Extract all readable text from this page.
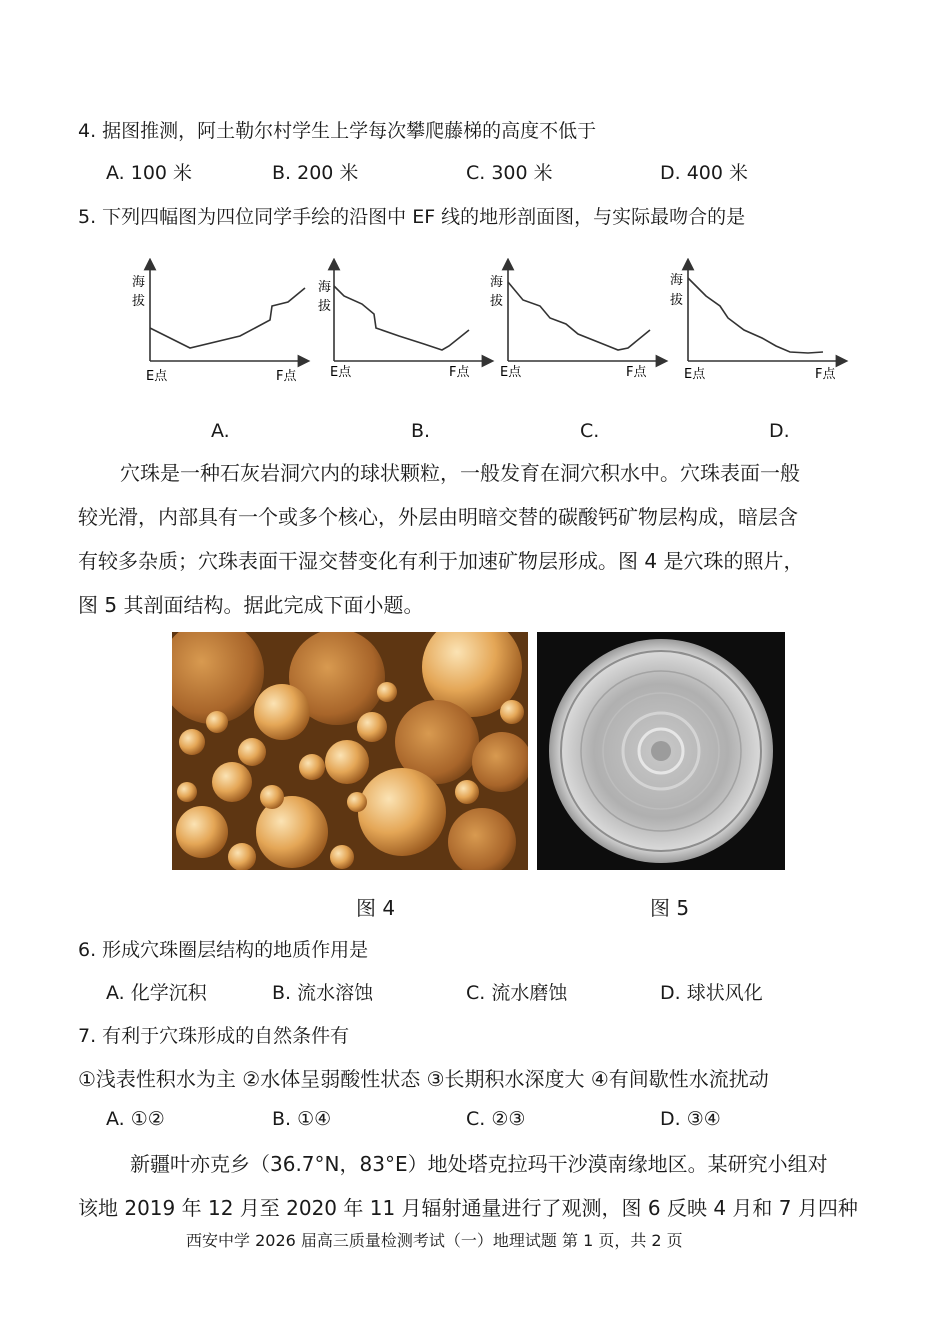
4. 据图推测，阿土勒尔村学生上学每次攀爬藤梯的高度不低于
A. 100 米	B. 200 米	C. 300 米	D. 400 米
5. 下列四幅图为四位同学手绘的沿图中 EF 线的地形剖面图，与实际最吻合的是
海
拔
E点	F点
海
拔
E点	F点
海
拔
E点	F点
海
拔
E点	F点
A.	B.	C.	D.

穴珠是一种石灰岩洞穴内的球状颗粒，一般发育在洞穴积水中。穴珠表面一般

较光滑，内部具有一个或多个核心，外层由明暗交替的碳酸钙矿物层构成，暗层含

有较多杂质；穴珠表面干湿交替变化有利于加速矿物层形成。图 4 是穴珠的照片，

图 5 其剖面结构。据此完成下面小题。

图 4	图 5
6. 形成穴珠圈层结构的地质作用是
A. 化学沉积	B. 流水溶蚀	C. 流水磨蚀	D. 球状风化
7. 有利于穴珠形成的自然条件有
①浅表性积水为主 ②水体呈弱酸性状态 ③长期积水深度大 ④有间歇性水流扰动
A. ①②	B. ①④	C. ②③	D. ③④

新疆叶亦克乡（36.7°N，83°E）地处塔克拉玛干沙漠南缘地区。某研究小组对

该地 2019 年 12 月至 2020 年 11 月辐射通量进行了观测，图 6 反映 4 月和 7 月四种

西安中学 2026 届高三质量检测考试（一）地理试题 第 1 页，共 2 页
